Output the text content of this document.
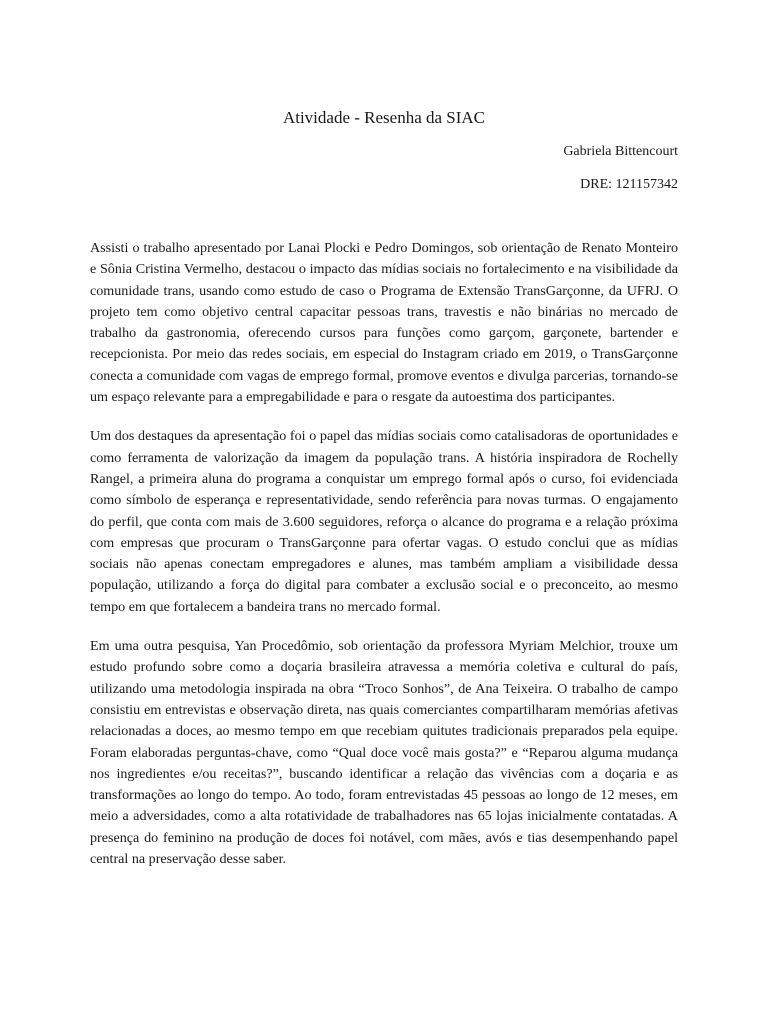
Atividade - Resenha da SIAC

Gabriela Bittencourt

DRE: 121157342

Assisti o trabalho apresentado por Lanai Plocki e Pedro Domingos, sob orientação de Renato Monteiro e Sônia Cristina Vermelho, destacou o impacto das mídias sociais no fortalecimento e na visibilidade da comunidade trans, usando como estudo de caso o Programa de Extensão TransGarçonne, da UFRJ. O projeto tem como objetivo central capacitar pessoas trans, travestis e não binárias no mercado de trabalho da gastronomia, oferecendo cursos para funções como garçom, garçonete, bartender e recepcionista. Por meio das redes sociais, em especial do Instagram criado em 2019, o TransGarçonne conecta a comunidade com vagas de emprego formal, promove eventos e divulga parcerias, tornando-se um espaço relevante para a empregabilidade e para o resgate da autoestima dos participantes.

Um dos destaques da apresentação foi o papel das mídias sociais como catalisadoras de oportunidades e como ferramenta de valorização da imagem da população trans. A história inspiradora de Rochelly Rangel, a primeira aluna do programa a conquistar um emprego formal após o curso, foi evidenciada como símbolo de esperança e representatividade, sendo referência para novas turmas. O engajamento do perfil, que conta com mais de 3.600 seguidores, reforça o alcance do programa e a relação próxima com empresas que procuram o TransGarçonne para ofertar vagas. O estudo conclui que as mídias sociais não apenas conectam empregadores e alunes, mas também ampliam a visibilidade dessa população, utilizando a força do digital para combater a exclusão social e o preconceito, ao mesmo tempo em que fortalecem a bandeira trans no mercado formal.

Em uma outra pesquisa, Yan Procedômio, sob orientação da professora Myriam Melchior, trouxe um estudo profundo sobre como a doçaria brasileira atravessa a memória coletiva e cultural do país, utilizando uma metodologia inspirada na obra “Troco Sonhos”, de Ana Teixeira. O trabalho de campo consistiu em entrevistas e observação direta, nas quais comerciantes compartilharam memórias afetivas relacionadas a doces, ao mesmo tempo em que recebiam quitutes tradicionais preparados pela equipe. Foram elaboradas perguntas-chave, como “Qual doce você mais gosta?” e “Reparou alguma mudança nos ingredientes e/ou receitas?”, buscando identificar a relação das vivências com a doçaria e as transformações ao longo do tempo. Ao todo, foram entrevistadas 45 pessoas ao longo de 12 meses, em meio a adversidades, como a alta rotatividade de trabalhadores nas 65 lojas inicialmente contatadas. A presença do feminino na produção de doces foi notável, com mães, avós e tias desempenhando papel central na preservação desse saber.
